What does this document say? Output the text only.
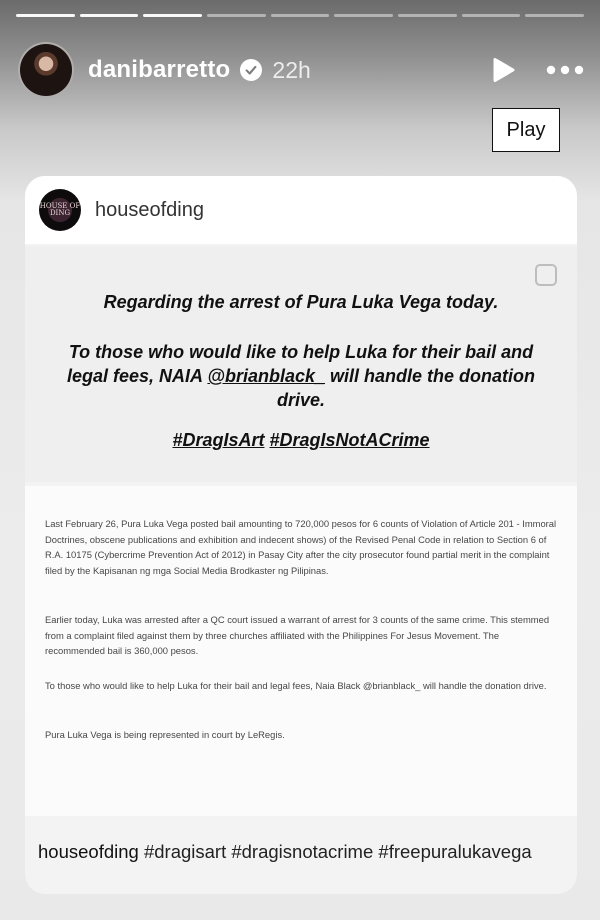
danibarretto 22h
Play
HOUSE OF DING	houseofding
Regarding the arrest of Pura Luka Vega today.
To those who would like to help Luka for their bail and legal fees, NAIA @brianblack_ will handle the donation drive.
#DragIsArt #DragIsNotACrime

Last February 26, Pura Luka Vega posted bail amounting to 720,000 pesos for 6 counts of Violation of Article 201 - Immoral Doctrines, obscene publications and exhibition and indecent shows) of the Revised Penal Code in relation to Section 6 of R.A. 10175 (Cybercrime Prevention Act of 2012) in Pasay City after the city prosecutor found partial merit in the complaint filed by the Kapisanan ng mga Social Media Brodkaster ng Pilipinas.

Earlier today, Luka was arrested after a QC court issued a warrant of arrest for 3 counts of the same crime. This stemmed from a complaint filed against them by three churches affiliated with the Philippines For Jesus Movement. The recommended bail is 360,000 pesos.

To those who would like to help Luka for their bail and legal fees, Naia Black @brianblack_ will handle the donation drive.

Pura Luka Vega is being represented in court by LeRegis.

houseofding #dragisart #dragisnotacrime #freepuralukavega
